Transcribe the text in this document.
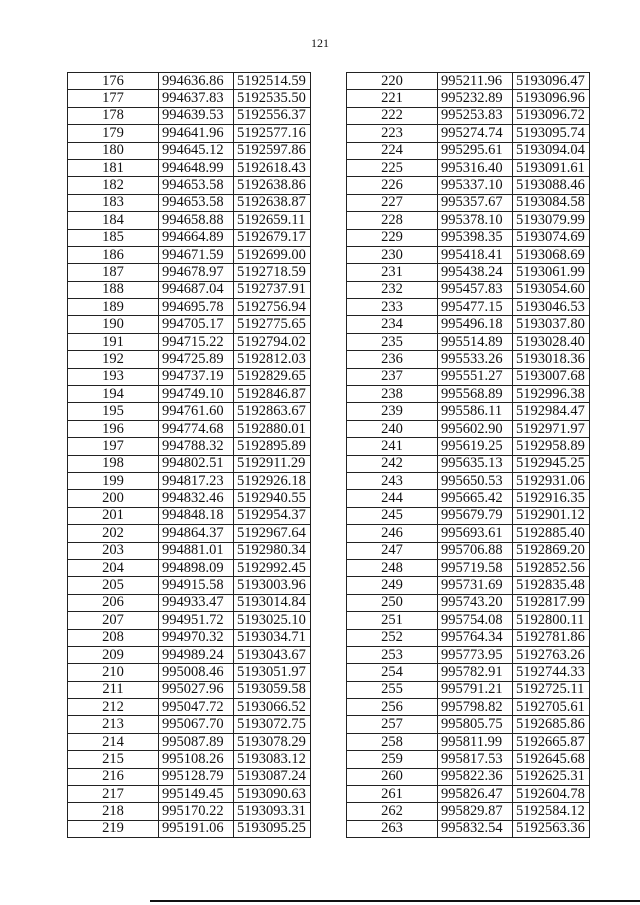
121
176	994636.86	5192514.59
177	994637.83	5192535.50
178	994639.53	5192556.37
179	994641.96	5192577.16
180	994645.12	5192597.86
181	994648.99	5192618.43
182	994653.58	5192638.86
183	994653.58	5192638.87
184	994658.88	5192659.11
185	994664.89	5192679.17
186	994671.59	5192699.00
187	994678.97	5192718.59
188	994687.04	5192737.91
189	994695.78	5192756.94
190	994705.17	5192775.65
191	994715.22	5192794.02
192	994725.89	5192812.03
193	994737.19	5192829.65
194	994749.10	5192846.87
195	994761.60	5192863.67
196	994774.68	5192880.01
197	994788.32	5192895.89
198	994802.51	5192911.29
199	994817.23	5192926.18
200	994832.46	5192940.55
201	994848.18	5192954.37
202	994864.37	5192967.64
203	994881.01	5192980.34
204	994898.09	5192992.45
205	994915.58	5193003.96
206	994933.47	5193014.84
207	994951.72	5193025.10
208	994970.32	5193034.71
209	994989.24	5193043.67
210	995008.46	5193051.97
211	995027.96	5193059.58
212	995047.72	5193066.52
213	995067.70	5193072.75
214	995087.89	5193078.29
215	995108.26	5193083.12
216	995128.79	5193087.24
217	995149.45	5193090.63
218	995170.22	5193093.31
219	995191.06	5193095.25
220	995211.96	5193096.47
221	995232.89	5193096.96
222	995253.83	5193096.72
223	995274.74	5193095.74
224	995295.61	5193094.04
225	995316.40	5193091.61
226	995337.10	5193088.46
227	995357.67	5193084.58
228	995378.10	5193079.99
229	995398.35	5193074.69
230	995418.41	5193068.69
231	995438.24	5193061.99
232	995457.83	5193054.60
233	995477.15	5193046.53
234	995496.18	5193037.80
235	995514.89	5193028.40
236	995533.26	5193018.36
237	995551.27	5193007.68
238	995568.89	5192996.38
239	995586.11	5192984.47
240	995602.90	5192971.97
241	995619.25	5192958.89
242	995635.13	5192945.25
243	995650.53	5192931.06
244	995665.42	5192916.35
245	995679.79	5192901.12
246	995693.61	5192885.40
247	995706.88	5192869.20
248	995719.58	5192852.56
249	995731.69	5192835.48
250	995743.20	5192817.99
251	995754.08	5192800.11
252	995764.34	5192781.86
253	995773.95	5192763.26
254	995782.91	5192744.33
255	995791.21	5192725.11
256	995798.82	5192705.61
257	995805.75	5192685.86
258	995811.99	5192665.87
259	995817.53	5192645.68
260	995822.36	5192625.31
261	995826.47	5192604.78
262	995829.87	5192584.12
263	995832.54	5192563.36
